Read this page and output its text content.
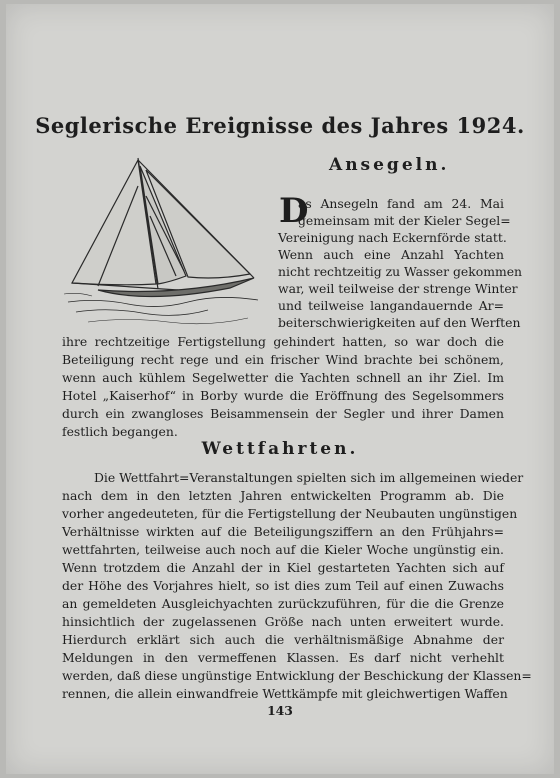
Seglerische Ereignisse des Jahres 1924.
Ansegeln.
D
as Ansegeln fand am 24. Mai
gemeinsam mit der Kieler Segel=
Vereinigung nach Eckernförde statt.
Wenn auch eine Anzahl Yachten
nicht rechtzeitig zu Wasser gekommen
war, weil teilweise der strenge Winter
und teilweise langandauernde Ar=
beiterschwierigkeiten auf den Werften
ihre rechtzeitige Fertigstellung gehindert hatten, so war doch die
Beteiligung recht rege und ein frischer Wind brachte bei schönem,
wenn auch kühlem Segelwetter die Yachten schnell an ihr Ziel. Im
Hotel „Kaiserhof“ in Borby wurde die Eröffnung des Segelsommers
durch ein zwangloses Beisammensein der Segler und ihrer Damen
festlich begangen.
Wettfahrten.
Die Wettfahrt=Veranstaltungen spielten sich im allgemeinen wieder
nach dem in den letzten Jahren entwickelten Programm ab. Die
vorher angedeuteten, für die Fertigstellung der Neubauten ungünstigen
Verhältnisse wirkten auf die Beteiligungsziffern an den Frühjahrs=
wettfahrten, teilweise auch noch auf die Kieler Woche ungünstig ein.
Wenn trotzdem die Anzahl der in Kiel gestarteten Yachten sich auf
der Höhe des Vorjahres hielt, so ist dies zum Teil auf einen Zuwachs
an gemeldeten Ausgleichyachten zurückzuführen, für die die Grenze
hinsichtlich der zugelassenen Größe nach unten erweitert wurde.
Hierdurch erklärt sich auch die verhältnismäßige Abnahme der
Meldungen in den vermeffenen Klassen. Es darf nicht verhehlt
werden, daß diese ungünstige Entwicklung der Beschickung der Klassen=
rennen, die allein einwandfreie Wettkämpfe mit gleichwertigen Waffen
143
